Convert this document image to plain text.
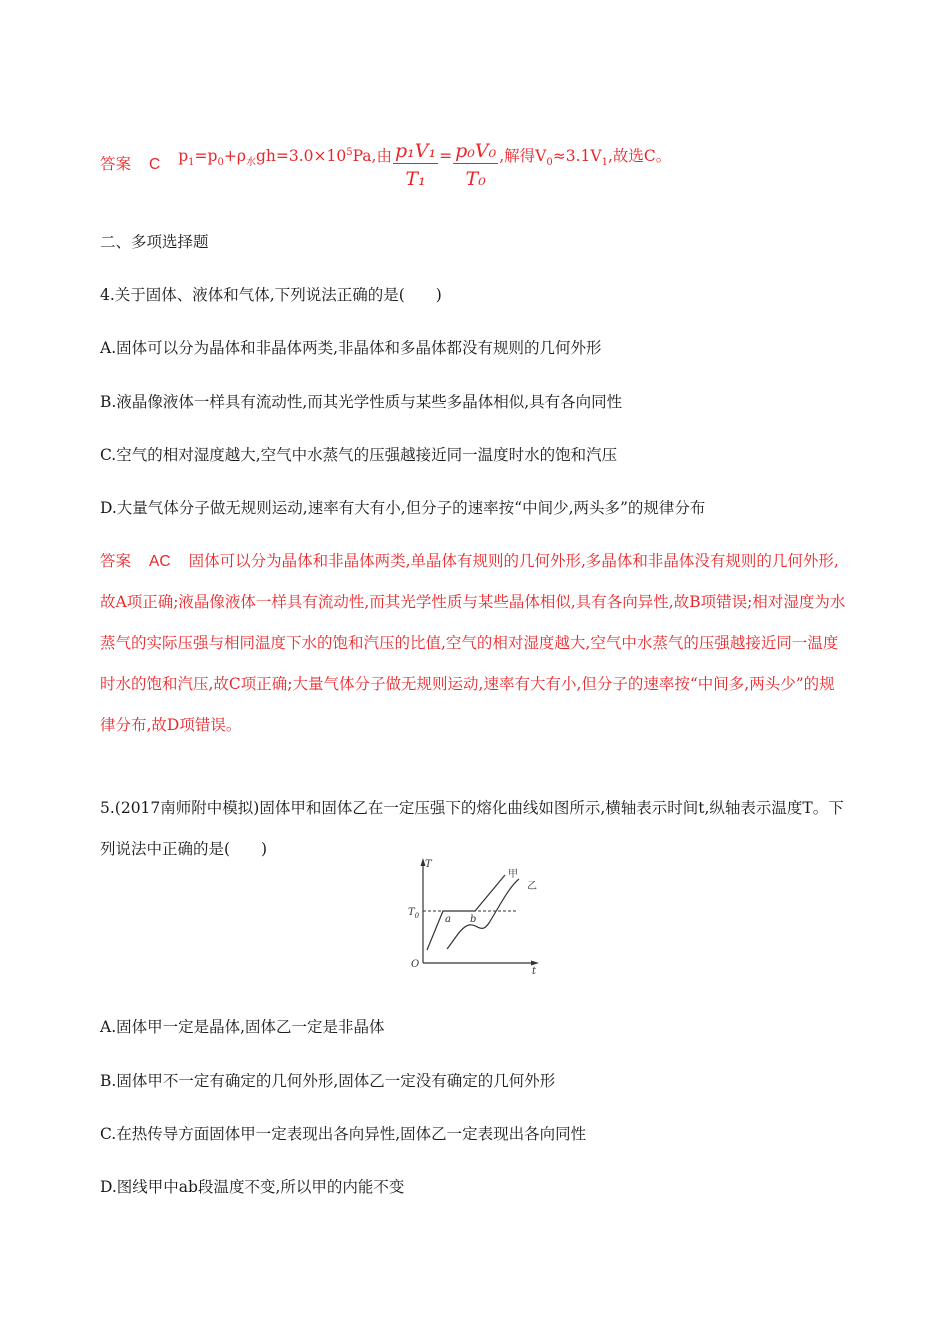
答案 C $p_1=p_0+\rho_水gh=3.0\times 10^5Pa$,由 $\frac{\text{p₁V₁}}{\text{T₁}} = \frac{\text{p₀V₀}}{\text{T₀}}$ ,解得$V_0\approx 3.1V_1$,故选C。
二、多项选择题
4.关于固体、液体和气体,下列说法正确的是(　　)
A.固体可以分为晶体和非晶体两类,非晶体和多晶体都没有规则的几何外形
B.液晶像液体一样具有流动性,而其光学性质与某些多晶体相似,具有各向同性
C.空气的相对湿度越大,空气中水蒸气的压强越接近同一温度时水的饱和汽压
D.大量气体分子做无规则运动,速率有大有小,但分子的速率按“中间少,两头多”的规律分布
答案 AC 固体可以分为晶体和非晶体两类,单晶体有规则的几何外形,多晶体和非晶体没有规则的几何外形,故A项正确;液晶像液体一样具有流动性,而其光学性质与某些晶体相似,具有各向异性,故B项错误;相对湿度为水蒸气的实际压强与相同温度下水的饱和汽压的比值,空气的相对湿度越大,空气中水蒸气的压强越接近同一温度时水的饱和汽压,故C项正确;大量气体分子做无规则运动,速率有大有小,但分子的速率按“中间多,两头少”的规律分布,故D项错误。
5.(2017南师附中模拟)固体甲和固体乙在一定压强下的熔化曲线如图所示,横轴表示时间t,纵轴表示温度T。下列说法中正确的是(　　)
T
t
O
$T_0$	a b
甲
乙
A.固体甲一定是晶体,固体乙一定是非晶体
B.固体甲不一定有确定的几何外形,固体乙一定没有确定的几何外形
C.在热传导方面固体甲一定表现出各向异性,固体乙一定表现出各向同性
D.图线甲中ab段温度不变,所以甲的内能不变
